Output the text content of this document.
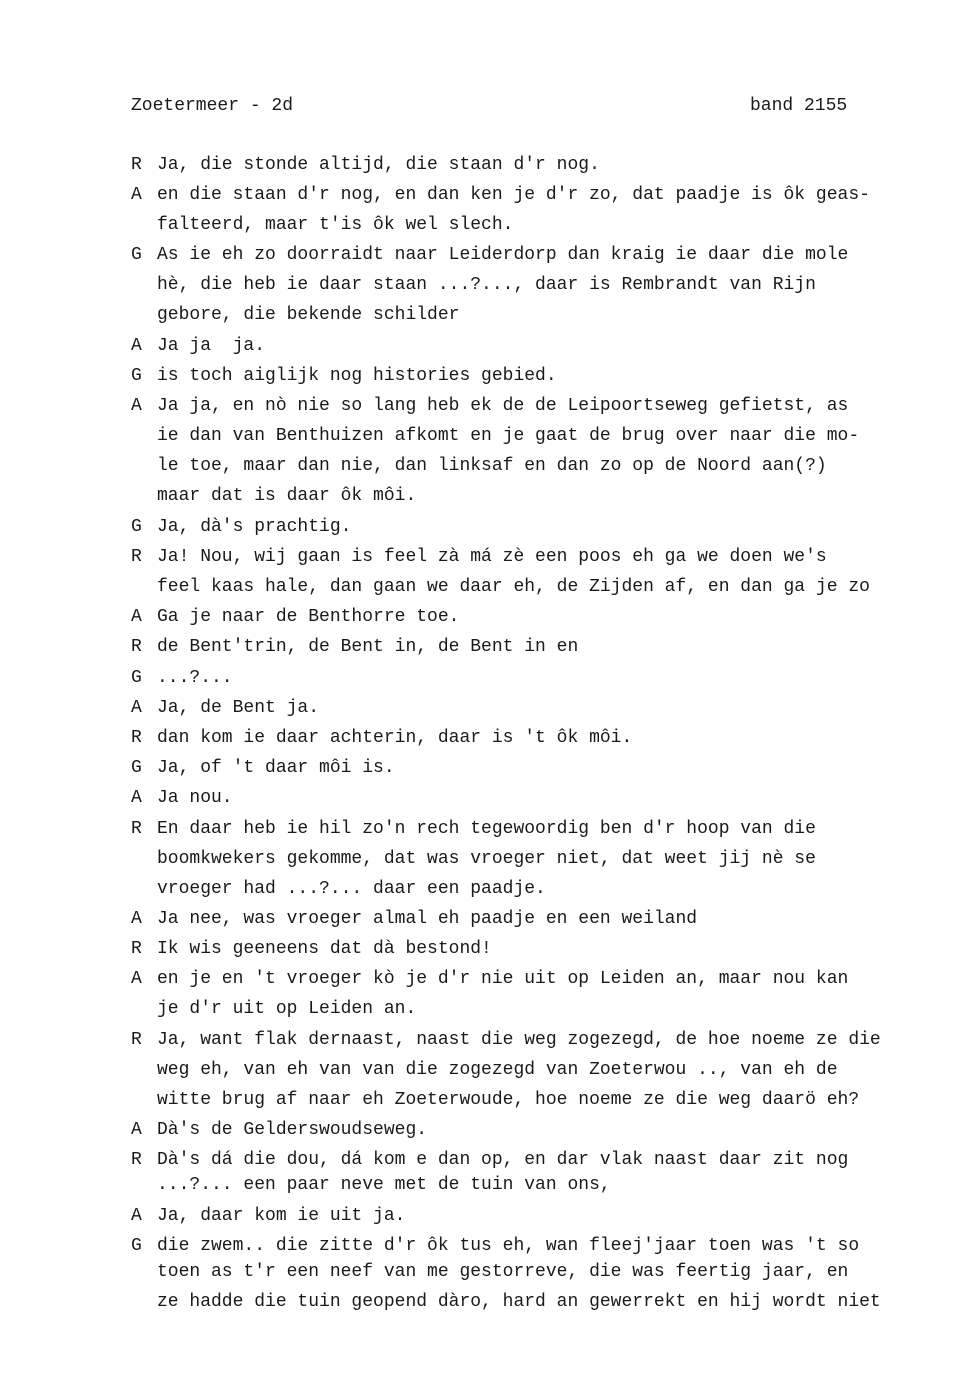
Zoetermeer - 2d	band 2155
R Ja, die stonde altijd, die staan d'r nog.
A en die staan d'r nog, en dan ken je d'r zo, dat paadje is ôk geas-
falteerd, maar t'is ôk wel slech.
G As ie eh zo doorraidt naar Leiderdorp dan kraig ie daar die mole
hè, die heb ie daar staan ...?..., daar is Rembrandt van Rijn
gebore, die bekende schilder
A Ja ja  ja.
G is toch aiglijk nog histories gebied.
A Ja ja, en nò nie so lang heb ek de de Leipoortseweg gefietst, as
ie dan van Benthuizen afkomt en je gaat de brug over naar die mo-
le toe, maar dan nie, dan linksaf en dan zo op de Noord aan(?)
maar dat is daar ôk môi.
G Ja, dà's prachtig.
R Ja! Nou, wij gaan is feel zà má zè een poos eh ga we doen we's
feel kaas hale, dan gaan we daar eh, de Zijden af, en dan ga je zo
A Ga je naar de Benthorre toe.
R de Bent'trin, de Bent in, de Bent in en
G ...?...
A Ja, de Bent ja.
R dan kom ie daar achterin, daar is 't ôk môi.
G Ja, of 't daar môi is.
A Ja nou.
R En daar heb ie hil zo'n rech tegewoordig ben d'r hoop van die
boomkwekers gekomme, dat was vroeger niet, dat weet jij nè se
vroeger had ...?... daar een paadje.
A Ja nee, was vroeger almal eh paadje en een weiland
R Ik wis geeneens dat dà bestond!
A en je en 't vroeger kò je d'r nie uit op Leiden an, maar nou kan
je d'r uit op Leiden an.
R Ja, want flak dernaast, naast die weg zogezegd, de hoe noeme ze die
weg eh, van eh van van die zogezegd van Zoeterwou .., van eh de
witte brug af naar eh Zoeterwoude, hoe noeme ze die weg daarö eh?
A Dà's de Gelderswoudseweg.
R Dà's dá die dou, dá kom e dan op, en dar vlak naast daar zit nog
...?... een paar neve met de tuin van ons,
A Ja, daar kom ie uit ja.
G die zwem.. die zitte d'r ôk tus eh, wan fleej'jaar toen was 't so
toen as t'r een neef van me gestorreve, die was feertig jaar, en
ze hadde die tuin geopend dàro, hard an gewerrekt en hij wordt niet
